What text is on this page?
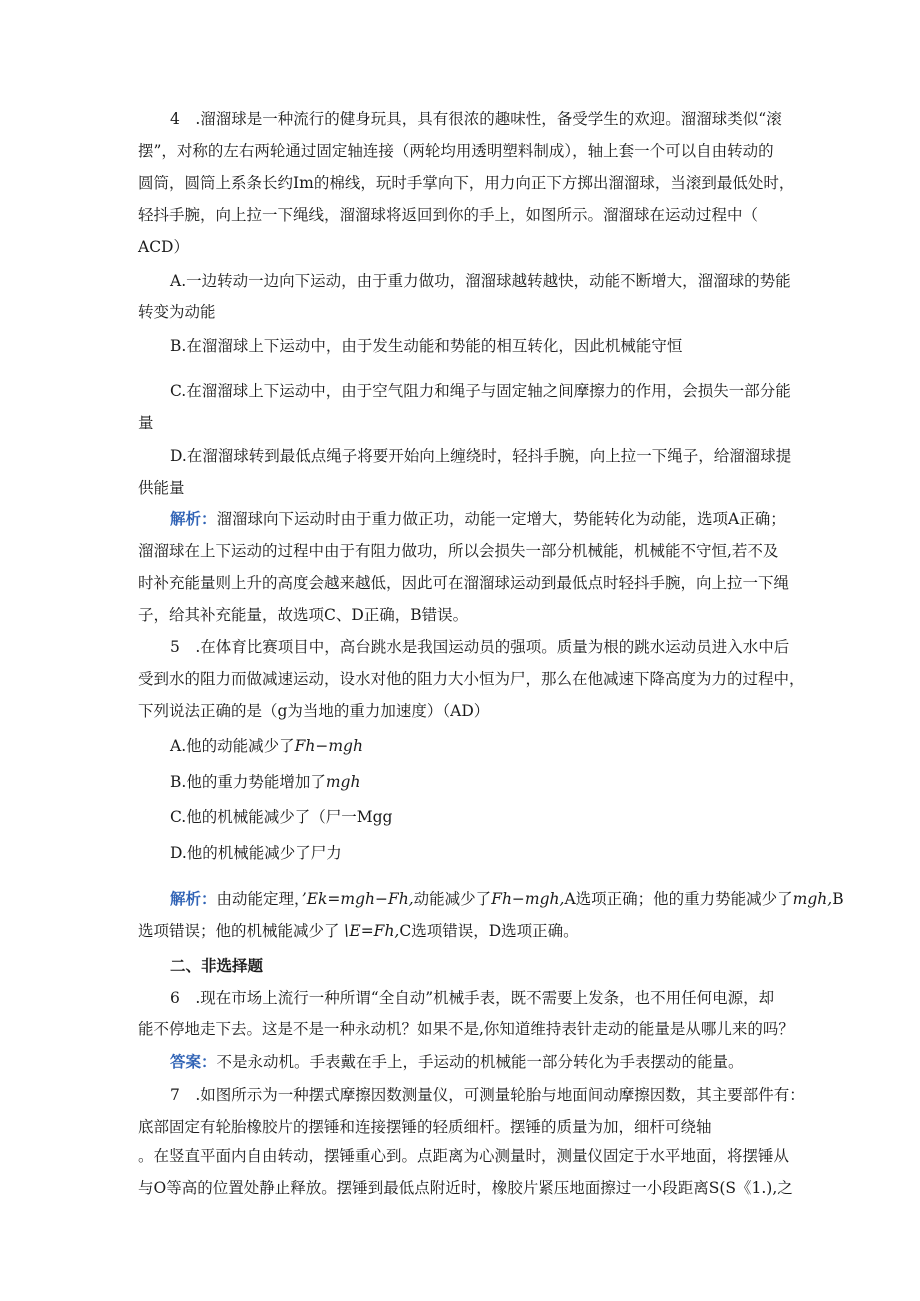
4　.溜溜球是一种流行的健身玩具，具有很浓的趣味性，备受学生的欢迎。溜溜球类似“滚
摆”，对称的左右两轮通过固定轴连接（两轮均用透明塑料制成），轴上套一个可以自由转动的
圆筒，圆筒上系条长约Im的棉线，玩时手掌向下，用力向正下方掷出溜溜球，当滚到最低处时，
轻抖手腕，向上拉一下绳线，溜溜球将返回到你的手上，如图所示。溜溜球在运动过程中（
ACD）
A.一边转动一边向下运动，由于重力做功，溜溜球越转越快，动能不断增大，溜溜球的势能
转变为动能
B.在溜溜球上下运动中，由于发生动能和势能的相互转化，因此机械能守恒
C.在溜溜球上下运动中，由于空气阻力和绳子与固定轴之间摩擦力的作用，会损失一部分能
量
D.在溜溜球转到最低点绳子将要开始向上缠绕时，轻抖手腕，向上拉一下绳子，给溜溜球提
供能量
解析：溜溜球向下运动时由于重力做正功，动能一定增大，势能转化为动能，选项A正确；
溜溜球在上下运动的过程中由于有阻力做功，所以会损失一部分机械能，机械能不守恒,若不及
时补充能量则上升的高度会越来越低，因此可在溜溜球运动到最低点时轻抖手腕，向上拉一下绳
子，给其补充能量，故选项C、D正确，B错误。
5　.在体育比赛项目中，高台跳水是我国运动员的强项。质量为根的跳水运动员进入水中后
受到水的阻力而做减速运动，设水对他的阻力大小恒为尸，那么在他减速下降高度为力的过程中，
下列说法正确的是（g为当地的重力加速度）（AD）
A.他的动能减少了Fh−mgh
B.他的重力势能增加了mgh
C.他的机械能减少了（尸一Mgg
D.他的机械能减少了尸力
解析：由动能定理，’Ek=mgh−Fh,动能减少了Fh−mgh,A选项正确；他的重力势能减少了mgh,B
选项错误；他的机械能减少了∖E=Fh,C选项错误，D选项正确。
二、非选择题
6　.现在市场上流行一种所谓“全自动”机械手表，既不需要上发条，也不用任何电源，却
能不停地走下去。这是不是一种永动机？如果不是,你知道维持表针走动的能量是从哪儿来的吗？
答案：不是永动机。手表戴在手上，手运动的机械能一部分转化为手表摆动的能量。
7　.如图所示为一种摆式摩擦因数测量仪，可测量轮胎与地面间动摩擦因数，其主要部件有：
底部固定有轮胎橡胶片的摆锤和连接摆锤的轻质细杆。摆锤的质量为加，细杆可绕轴
。在竖直平面内自由转动，摆锤重心到。点距离为心测量时，测量仪固定于水平地面，将摆锤从
与O等高的位置处静止释放。摆锤到最低点附近时，橡胶片紧压地面擦过一小段距离S(S《1.),之
